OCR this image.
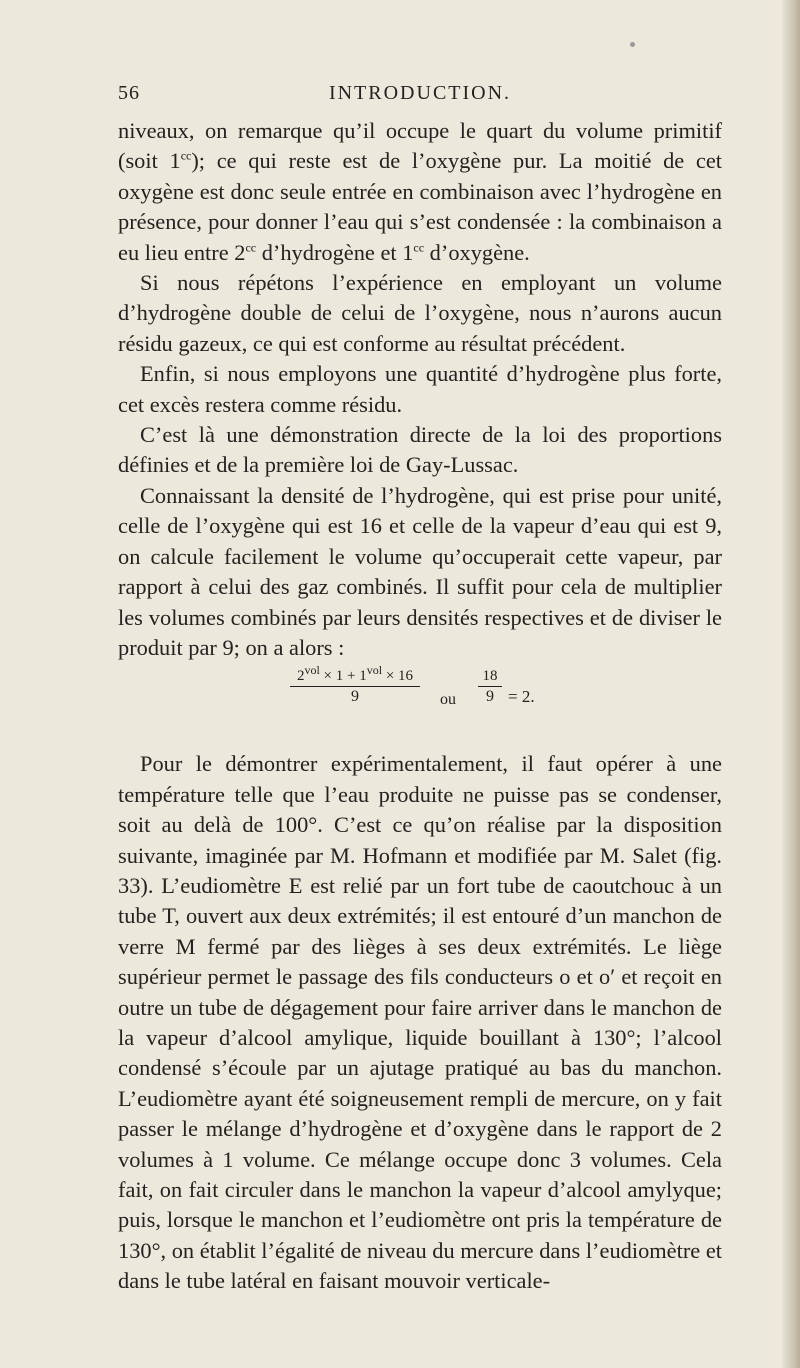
56	INTRODUCTION.

niveaux, on remarque qu’il occupe le quart du volume primitif (soit $1^{cc}$); ce qui reste est de l’oxygène pur. La moitié de cet oxygène est donc seule entrée en combinaison avec l’hydrogène en présence, pour donner l’eau qui s’est condensée : la combinaison a eu lieu entre $2^{cc}$ d’hydrogène et $1^{cc}$ d’oxygène.

Si nous répétons l’expérience en employant un volume d’hydrogène double de celui de l’oxygène, nous n’aurons aucun résidu gazeux, ce qui est conforme au résultat précédent.

Enfin, si nous employons une quantité d’hydrogène plus forte, cet excès restera comme résidu.

C’est là une démonstration directe de la loi des proportions définies et de la première loi de Gay-Lussac.

Connaissant la densité de l’hydrogène, qui est prise pour unité, celle de l’oxygène qui est 16 et celle de la vapeur d’eau qui est 9, on calcule facilement le volume qu’occuperait cette vapeur, par rapport à celui des gaz combinés. Il suffit pour cela de multiplier les volumes combinés par leurs densités respectives et de diviser le produit par 9; on a alors :

$2^{vol} \times 1 + 1^{vol} \times 16$
9	ou
18
9 = 2.

Pour le démontrer expérimentalement, il faut opérer à une température telle que l’eau produite ne puisse pas se condenser, soit au delà de 100°. C’est ce qu’on réalise par la disposition suivante, imaginée par M. Hofmann et modifiée par M. Salet (fig. 33). L’eudiomètre E est relié par un fort tube de caoutchouc à un tube T, ouvert aux deux extrémités; il est entouré d’un manchon de verre M fermé par des lièges à ses deux extrémités. Le liège supérieur permet le passage des fils conducteurs o et o′ et reçoit en outre un tube de dégagement pour faire arriver dans le manchon de la vapeur d’alcool amylique, liquide bouillant à 130°; l’alcool condensé s’écoule par un ajutage pratiqué au bas du manchon. L’eudiomètre ayant été soigneusement rempli de mercure, on y fait passer le mélange d’hydrogène et d’oxygène dans le rapport de 2 volumes à 1 volume. Ce mélange occupe donc 3 volumes. Cela fait, on fait circuler dans le manchon la vapeur d’alcool amylyque; puis, lorsque le manchon et l’eudiomètre ont pris la température de 130°, on établit l’égalité de niveau du mercure dans l’eudiomètre et dans le tube latéral en faisant mouvoir verticale-
